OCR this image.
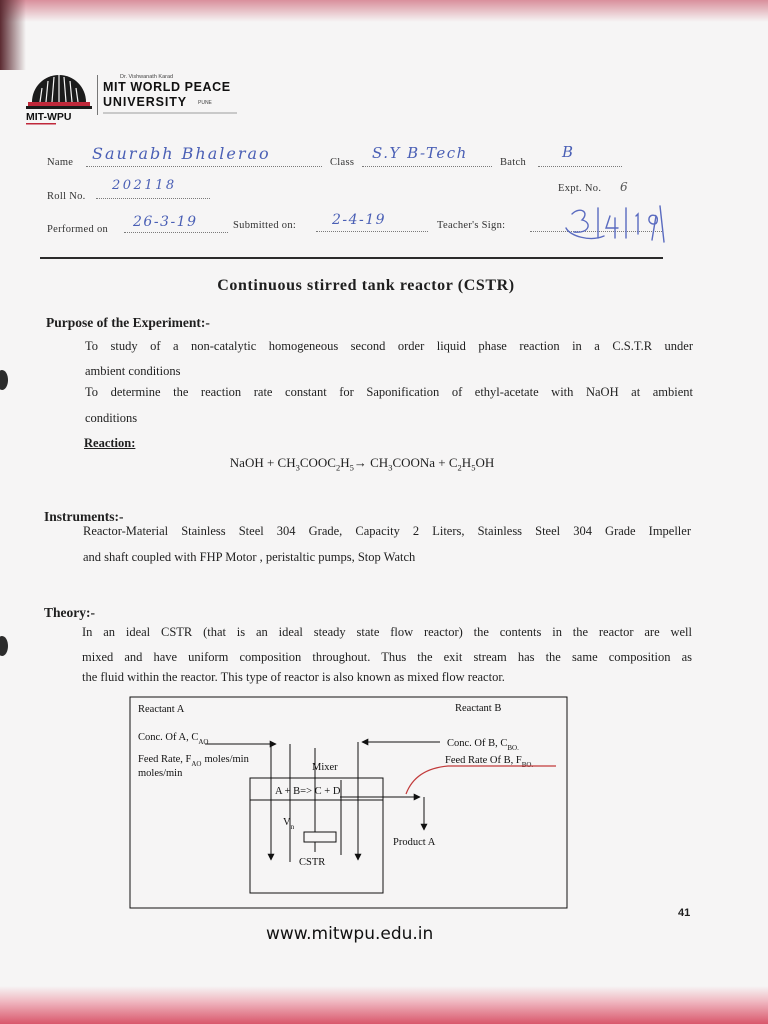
MIT-WPU
Dr. Vishwanath Karad
MIT WORLD PEACE
UNIVERSITY PUNE
Name Saurabh Bhalerao	Class
S.Y B-Tech
Batch
B
Roll No.
202118	Expt. No. 6
Performed on 26-3-19	Submitted on:	2-4-19	Teacher's Sign:
Continuous stirred tank reactor (CSTR)
Purpose of the Experiment:-
To study of a non-catalytic homogeneous second order liquid phase reaction in a C.S.T.R under
ambient conditions
To determine the reaction rate constant for Saponification of ethyl-acetate with NaOH at ambient
conditions
Reaction:
NaOH + $CH_3COOC_2H_5\to$ $CH_3COONa + C_2H_5OH$
Instruments:-
Reactor-Material Stainless Steel 304 Grade, Capacity 2 Liters, Stainless Steel 304 Grade Impeller
and shaft coupled with FHP Motor , peristaltic pumps, Stop Watch
Theory:-
In an ideal CSTR (that is an ideal steady state flow reactor) the contents in the reactor are well
mixed and have uniform composition throughout. Thus the exit stream has the same composition as
the fluid within the reactor. This type of reactor is also known as mixed flow reactor.
Reactant A	Reactant B
Conc. Of A, $C_{AO}$
Feed Rate, $F_{AO}$ moles/min
moles/min
Mixer
Conc. Of B, $C_{BO.}$
Feed Rate Of B, $F_{BO.}$
A + B=> C + D
$V_n$
CSTR
Product A
41
www.mitwpu.edu.in
